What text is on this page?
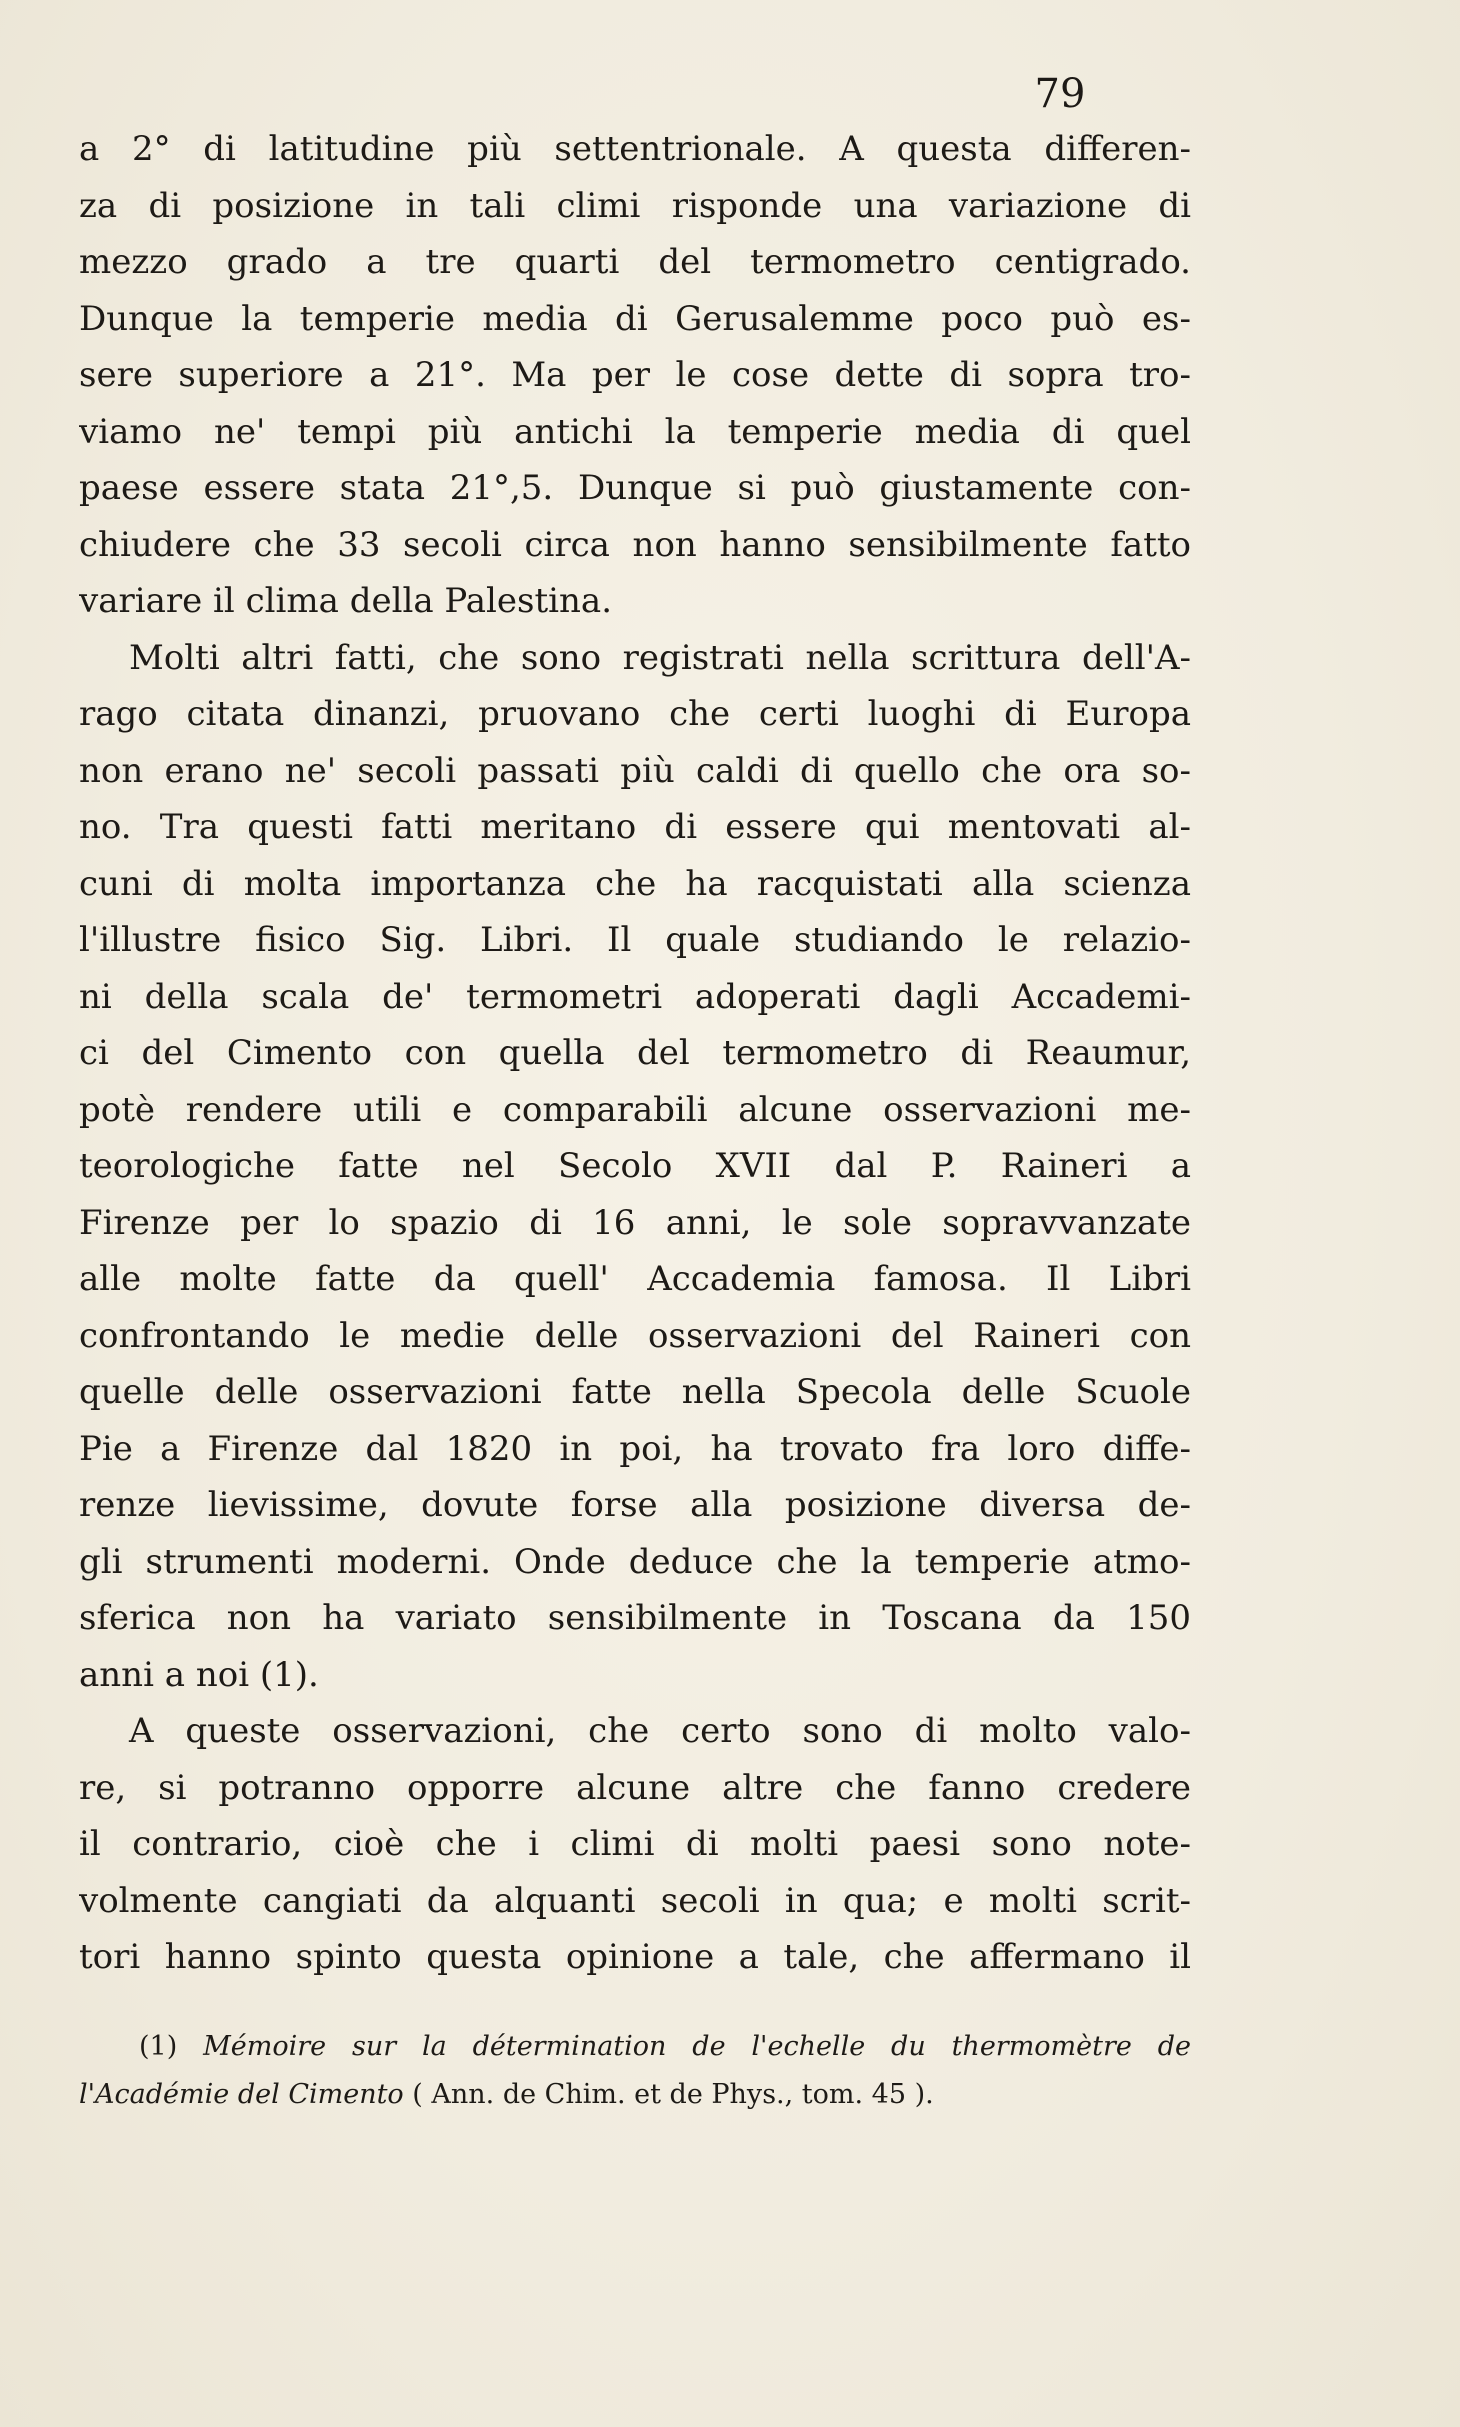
79
a 2° di latitudine più settentrionale. A questa differen-
za di posizione in tali climi risponde una variazione di
mezzo grado a tre quarti del termometro centigrado.
Dunque la temperie media di Gerusalemme poco può es-
sere superiore a 21°. Ma per le cose dette di sopra tro-
viamo ne' tempi più antichi la temperie media di quel
paese essere stata 21°,5. Dunque si può giustamente con-
chiudere che 33 secoli circa non hanno sensibilmente fatto
variare il clima della Palestina.
Molti altri fatti, che sono registrati nella scrittura dell'A-
rago citata dinanzi, pruovano che certi luoghi di Europa
non erano ne' secoli passati più caldi di quello che ora so-
no. Tra questi fatti meritano di essere qui mentovati al-
cuni di molta importanza che ha racquistati alla scienza
l'illustre fisico Sig. Libri. Il quale studiando le relazio-
ni della scala de' termometri adoperati dagli Accademi-
ci del Cimento con quella del termometro di Reaumur,
potè rendere utili e comparabili alcune osservazioni me-
teorologiche fatte nel Secolo XVII dal P. Raineri a
Firenze per lo spazio di 16 anni, le sole sopravvanzate
alle molte fatte da quell' Accademia famosa. Il Libri
confrontando le medie delle osservazioni del Raineri con
quelle delle osservazioni fatte nella Specola delle Scuole
Pie a Firenze dal 1820 in poi, ha trovato fra loro diffe-
renze lievissime, dovute forse alla posizione diversa de-
gli strumenti moderni. Onde deduce che la temperie atmo-
sferica non ha variato sensibilmente in Toscana da 150
anni a noi (1).
A queste osservazioni, che certo sono di molto valo-
re, si potranno opporre alcune altre che fanno credere
il contrario, cioè che i climi di molti paesi sono note-
volmente cangiati da alquanti secoli in qua; e molti scrit-
tori hanno spinto questa opinione a tale, che affermano il
(1) Mémoire sur la détermination de l'echelle du thermomètre de
l'Académie del Cimento ( Ann. de Chim. et de Phys., tom. 45 ).
